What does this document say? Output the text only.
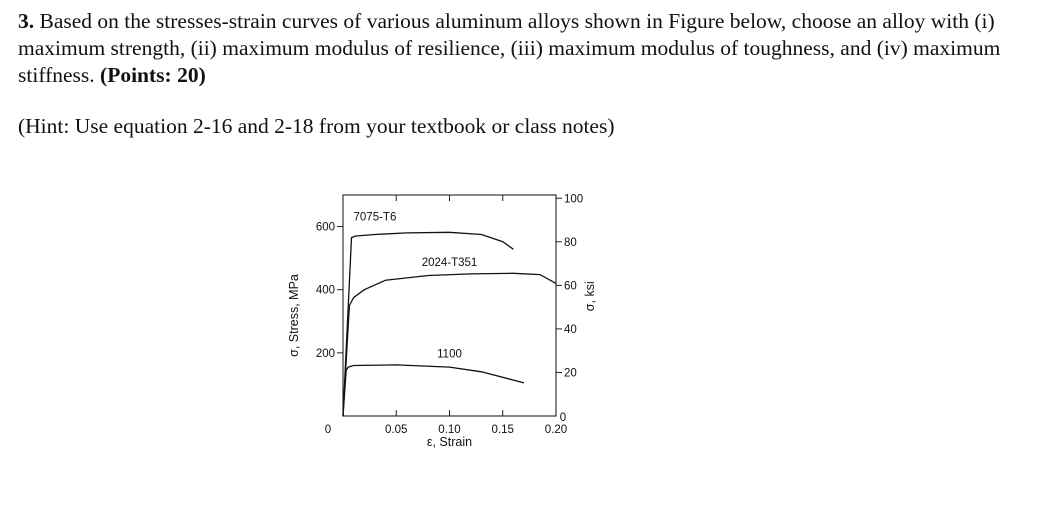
3. Based on the stresses-strain curves of various aluminum alloys shown in Figure below, choose an alloy with (i) maximum strength, (ii) maximum modulus of resilience, (iii) maximum modulus of toughness, and (iv) maximum stiffness. (Points: 20)

(Hint: Use equation 2-16 and 2-18 from your textbook or class notes)
0	0.05	0.10	0.15	0.20
200
400
600
20
40
60
80
100
0
ε, Strain
σ, Stress, MPa	σ, ksi
7075-T6
2024-T351
1100
